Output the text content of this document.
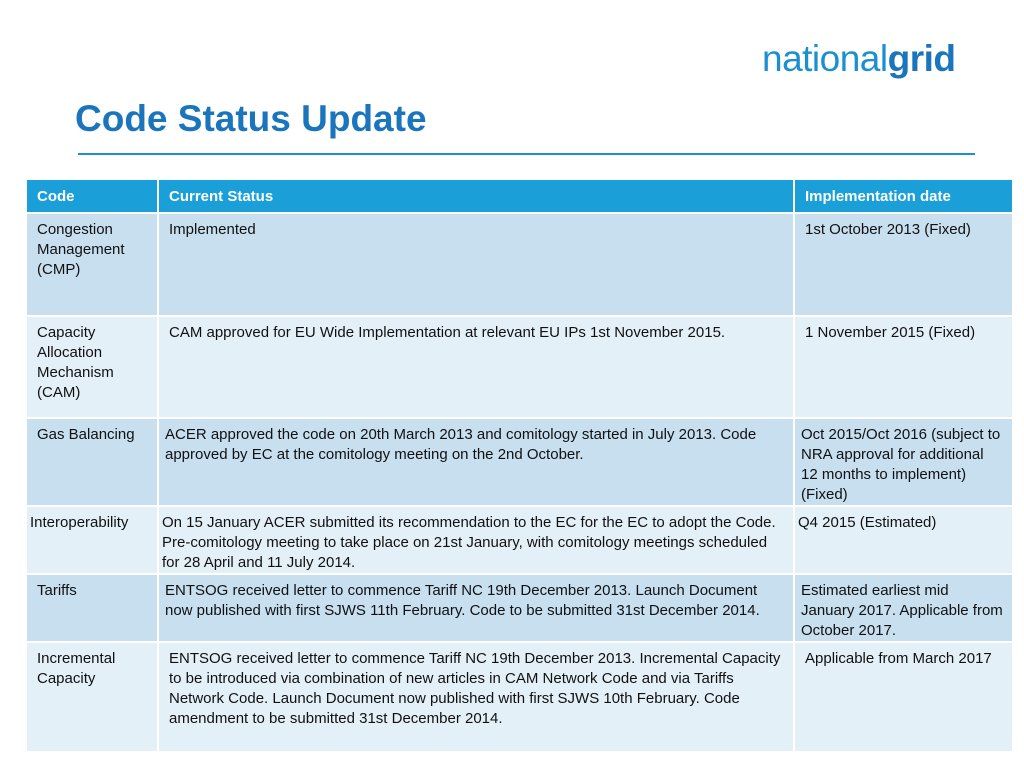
nationalgrid
Code Status Update
Code	Current Status	Implementation date
Congestion Management (CMP)	Implemented	1st October 2013 (Fixed)
Capacity Allocation Mechanism (CAM)	CAM approved for EU Wide Implementation at relevant EU IPs 1st November 2015.	1 November 2015 (Fixed)
Gas Balancing	ACER approved the code on 20th March 2013 and comitology started in July 2013. Code approved by EC at the comitology meeting on the 2nd October.	Oct 2015/Oct 2016 (subject to NRA approval for additional 12 months to implement) (Fixed)
Interoperability	On 15 January ACER submitted its recommendation to the EC for the EC to adopt the Code. Pre-comitology meeting to take place on 21st January, with comitology meetings scheduled for 28 April and 11 July 2014.	Q4 2015 (Estimated)
Tariffs	ENTSOG received letter to commence Tariff NC 19th December 2013. Launch Document now published with first SJWS 11th February. Code to be submitted 31st December 2014.	Estimated earliest mid January 2017. Applicable from October 2017.
Incremental Capacity	ENTSOG received letter to commence Tariff NC 19th December 2013. Incremental Capacity to be introduced via combination of new articles in CAM Network Code and via Tariffs Network Code. Launch Document now published with first SJWS 10th February. Code amendment to be submitted 31st December 2014.	Applicable from March 2017
